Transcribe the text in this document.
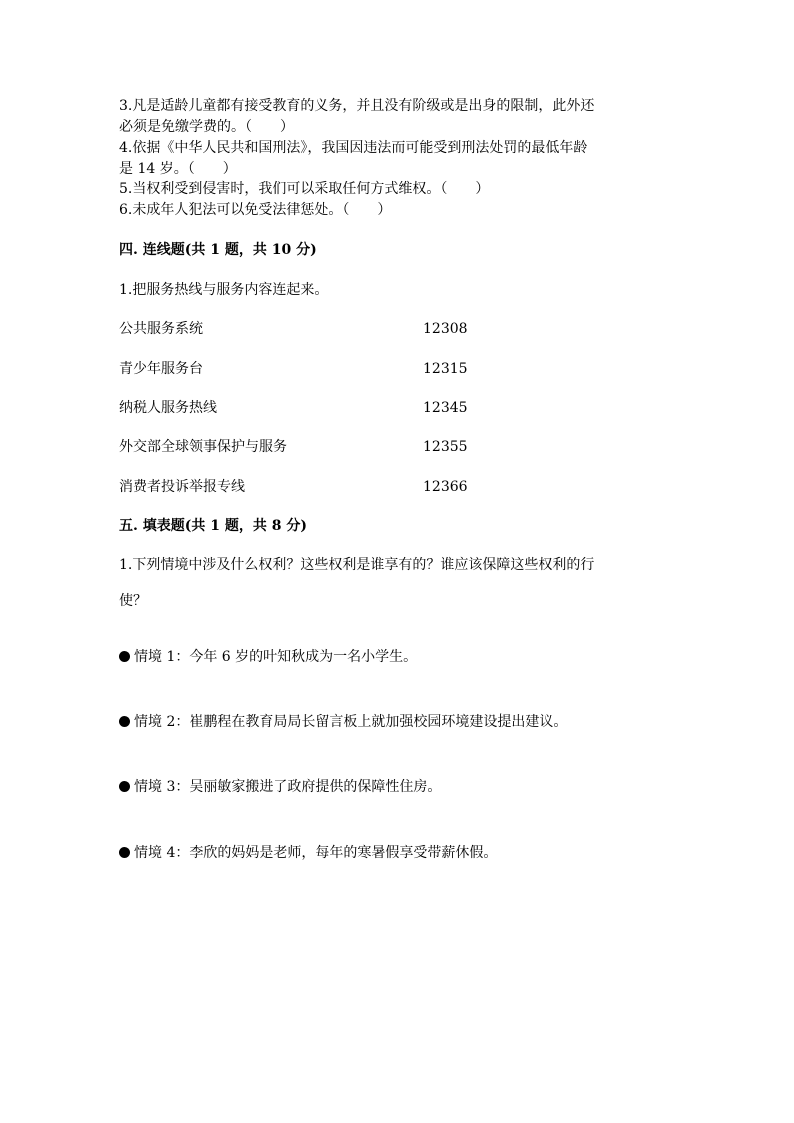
3.凡是适龄儿童都有接受教育的义务，并且没有阶级或是出身的限制，此外还
必须是免缴学费的。（　　）
4.依据《中华人民共和国刑法》，我国因违法而可能受到刑法处罚的最低年龄
是 14 岁。（　　）
5.当权利受到侵害时，我们可以采取任何方式维权。（　　）
6.未成年人犯法可以免受法律惩处。（　　）
四. 连线题(共 1 题，共 10 分)
1.把服务热线与服务内容连起来。
公共服务系统	12308
青少年服务台	12315
纳税人服务热线	12345
外交部全球领事保护与服务	12355
消费者投诉举报专线	12366
五. 填表题(共 1 题，共 8 分)
1.下列情境中涉及什么权利？这些权利是谁享有的？谁应该保障这些权利的行
使？
情境 1：今年 6 岁的叶知秋成为一名小学生。
情境 2：崔鹏程在教育局局长留言板上就加强校园环境建设提出建议。
情境 3：吴丽敏家搬进了政府提供的保障性住房。
情境 4：李欣的妈妈是老师，每年的寒暑假享受带薪休假。
